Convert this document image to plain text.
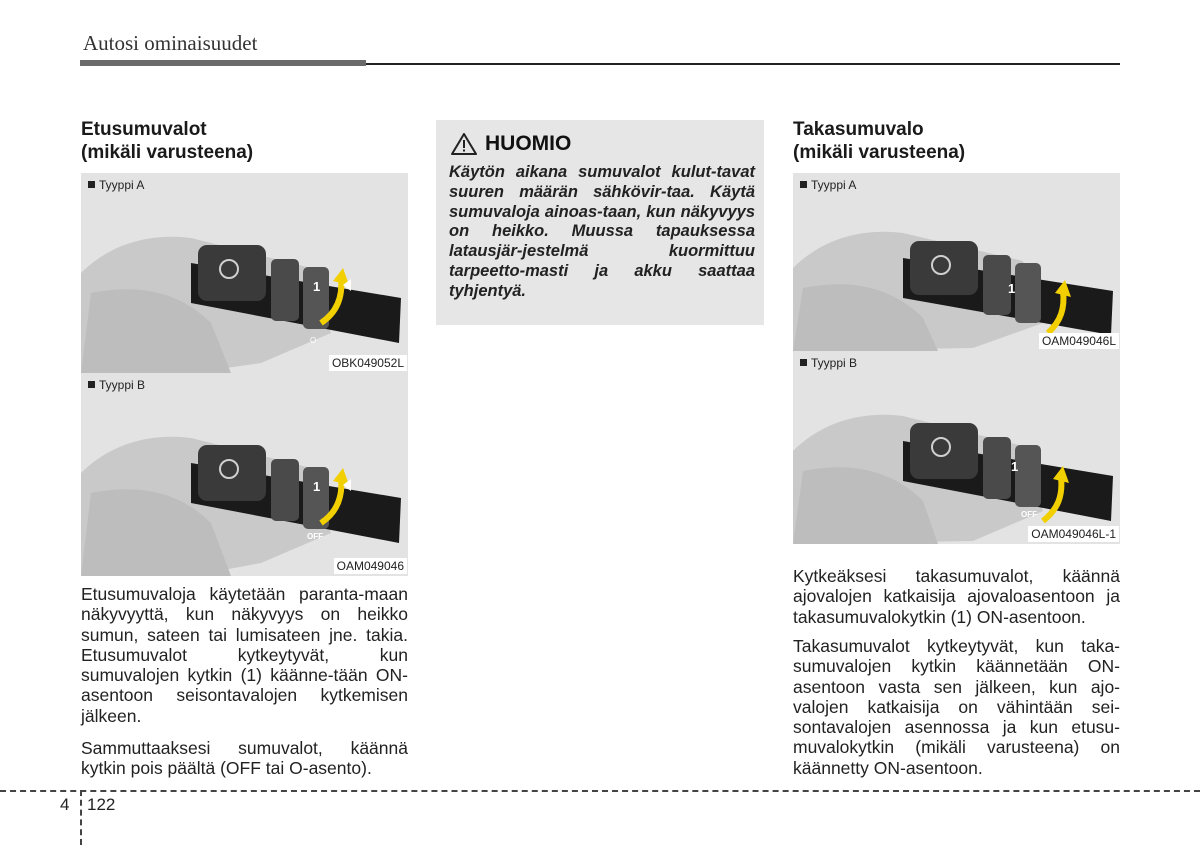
Autosi ominaisuudet
Etusumuvalot
(mikäli varusteena)
Tyyppi A
1
O
OBK049052L
Tyyppi B
1
OFF
OAM049046
Etusumuvaloja käytetään paranta-maan näkyvyyttä, kun näkyvyys on heikko sumun, sateen tai lumisateen jne. takia. Etusumuvalot kytkeytyvät, kun sumuvalojen kytkin (1) käänne-tään ON-asentoon seisontavalojen kytkemisen jälkeen.
Sammuttaaksesi sumuvalot, käännä kytkin pois päältä (OFF tai O-asento).
HUOMIO
Käytön aikana sumuvalot kulut-tavat suuren määrän sähkövir-taa. Käytä sumuvaloja ainoas-taan, kun näkyvyys on heikko. Muussa tapauksessa latausjär-jestelmä kuormittuu tarpeetto-masti ja akku saattaa tyhjentyä.
Takasumuvalo
(mikäli varusteena)
Tyyppi A
1
OAM049046L
Tyyppi B
1
OFF
OAM049046L-1
Kytkeäksesi takasumuvalot, käännä ajovalojen katkaisija ajovaloasentoon ja takasumuvalokytkin (1) ON-asentoon.
Takasumuvalot kytkeytyvät, kun taka-sumuvalojen kytkin käännetään ON-asentoon vasta sen jälkeen, kun ajo-valojen katkaisija on vähintään sei-sontavalojen asennossa ja kun etusu-muvalokytkin (mikäli varusteena) on käännetty ON-asentoon.
4 122
